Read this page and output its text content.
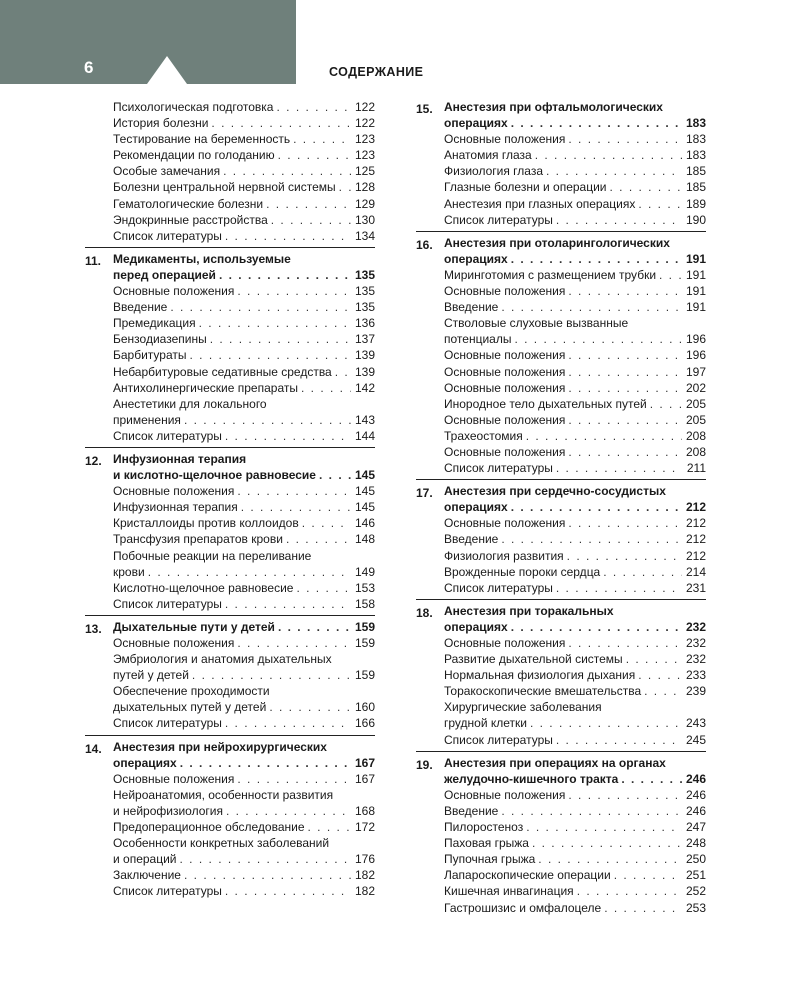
6	СОДЕРЖАНИЕ
Психологическая подготовка . . .	122
История болезни . . .	122
Тестирование на беременность . . .	123
Рекомендации по голоданию . . .	123
Особые замечания . . .	125
Болезни центральной нервной системы . . . 128
Гематологические болезни . . .	129
Эндокринные расстройства . . .	130
Список литературы . . .	134
11. Медикаменты, используемые
перед операцией . . .	135
Основные положения . . .	135
Введение . . .	135
Премедикация . . .	136
Бензодиазепины . . .	137
Барбитураты . . .	139
Небарбитуровые седативные средства . . . 139
Антихолинергические препараты . . .	142
Анестетики для локального
применения . . .	143
Список литературы . . .	144
12. Инфузионная терапия
и кислотно-щелочное равновесие . . .	145
Основные положения . . .	145
Инфузионная терапия . . .	145
Кристаллоиды против коллоидов . . .	146
Трансфузия препаратов крови . . .	148
Побочные реакции на переливание
крови . . .	149
Кислотно-щелочное равновесие . . .	153
Список литературы . . .	158
13. Дыхательные пути у детей . . .	159
Основные положения . . .	159
Эмбриология и анатомия дыхательных
путей у детей . . .	159
Обеспечение проходимости
дыхательных путей у детей . . .	160
Список литературы . . .	166
14. Анестезия при нейрохирургических
операциях . . .	167
Основные положения . . .	167
Нейроанатомия, особенности развития
и нейрофизиология . . .	168
Предоперационное обследование . . .	172
Особенности конкретных заболеваний
и операций . . .	176
Заключение . . .	182
Список литературы . . .	182
15. Анестезия при офтальмологических
операциях . . .	183
Основные положения . . .	183
Анатомия глаза . . .	183
Физиология глаза . . .	185
Глазные болезни и операции . . .	185
Анестезия при глазных операциях . . .	189
Список литературы . . .	190
16. Анестезия при отоларингологических
операциях . . .	191
Миринготомия с размещением трубки . . . 191
Основные положения . . .	191
Введение . . .	191
Стволовые слуховые вызванные
потенциалы . . .	196
Основные положения . . .	196
Основные положения . . .	197
Основные положения . . .	202
Инородное тело дыхательных путей . . .	205
Основные положения . . .	205
Трахеостомия . . .	208
Основные положения . . .	208
Список литературы . . .	211
17. Анестезия при сердечно-сосудистых
операциях . . .	212
Основные положения . . .	212
Введение . . .	212
Физиология развития . . .	212
Врожденные пороки сердца . . .	214
Список литературы . . .	231
18. Анестезия при торакальных
операциях . . .	232
Основные положения . . .	232
Развитие дыхательной системы . . .	232
Нормальная физиология дыхания . . .	233
Торакоскопические вмешательства . . .	239
Хирургические заболевания
грудной клетки . . .	243
Список литературы . . .	245
19. Анестезия при операциях на органах
желудочно-кишечного тракта . . .	246
Основные положения . . .	246
Введение . . .	246
Пилоростеноз . . .	247
Паховая грыжа . . .	248
Пупочная грыжа . . .	250
Лапароскопические операции . . .	251
Кишечная инвагинация . . .	252
Гастрошизис и омфалоцеле . . .	253
